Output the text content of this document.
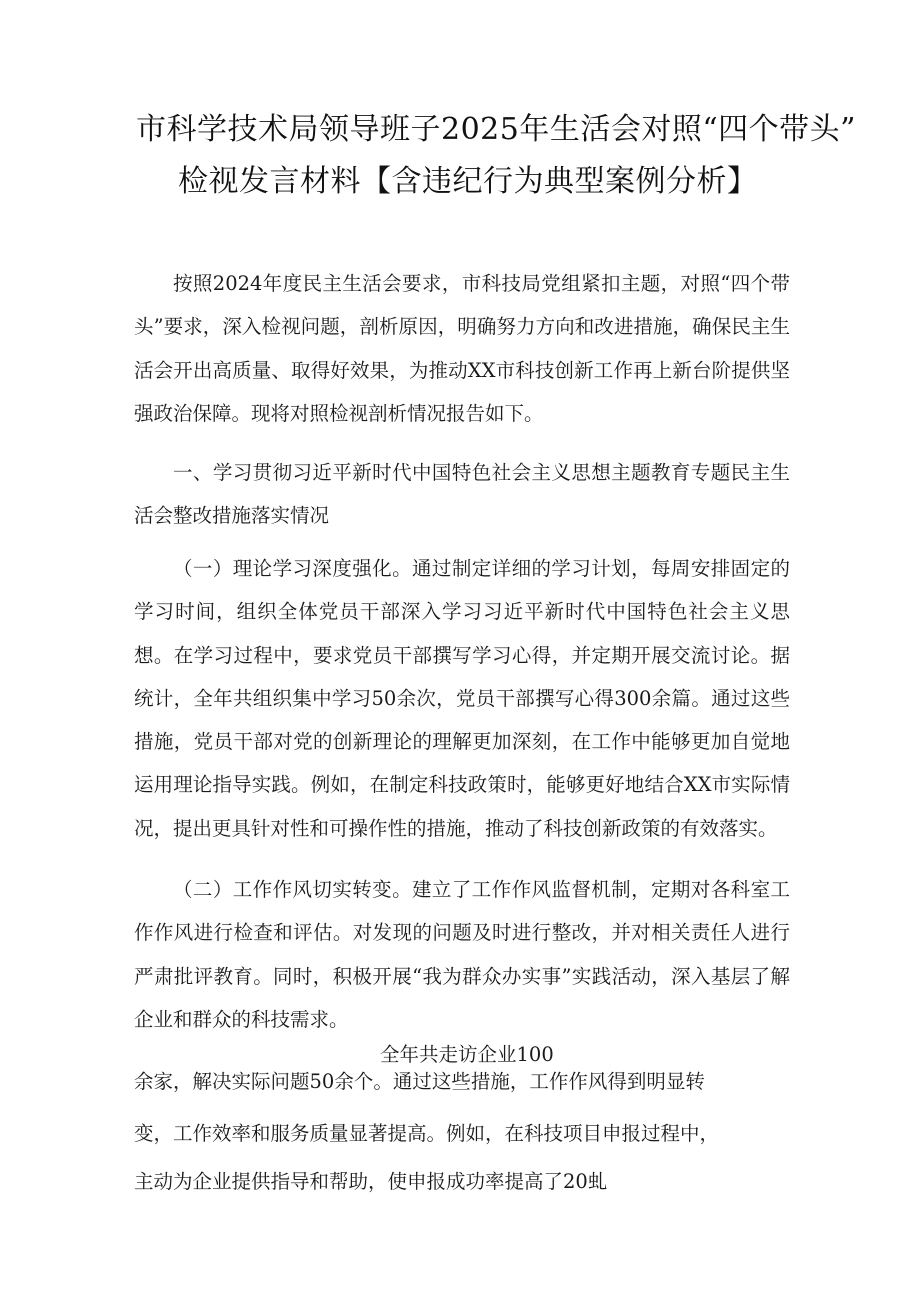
市科学技术局领导班子2025年生活会对照“四个带头”
检视发言材料【含违纪行为典型案例分析】

按照2024年度民主生活会要求，市科技局党组紧扣主题，对照“四个带头”要求，深入检视问题，剖析原因，明确努力方向和改进措施，确保民主生活会开出高质量、取得好效果，为推动XX市科技创新工作再上新台阶提供坚强政治保障。现将对照检视剖析情况报告如下。

一、学习贯彻习近平新时代中国特色社会主义思想主题教育专题民主生活会整改措施落实情况

（一）理论学习深度强化。通过制定详细的学习计划，每周安排固定的学习时间，组织全体党员干部深入学习习近平新时代中国特色社会主义思想。在学习过程中，要求党员干部撰写学习心得，并定期开展交流讨论。据统计，全年共组织集中学习50余次，党员干部撰写心得300余篇。通过这些措施，党员干部对党的创新理论的理解更加深刻，在工作中能够更加自觉地运用理论指导实践。例如，在制定科技政策时，能够更好地结合XX市实际情况，提出更具针对性和可操作性的措施，推动了科技创新政策的有效落实。

（二）工作作风切实转变。建立了工作作风监督机制，定期对各科室工作作风进行检查和评估。对发现的问题及时进行整改，并对相关责任人进行严肃批评教育。同时，积极开展“我为群众办实事”实践活动，深入基层了解企业和群众的科技需求。

全年共走访企业100

余家，解决实际问题50余个。通过这些措施，工作作风得到明显转

变，工作效率和服务质量显著提高。例如，在科技项目申报过程中，

主动为企业提供指导和帮助，使申报成功率提高了20虬
